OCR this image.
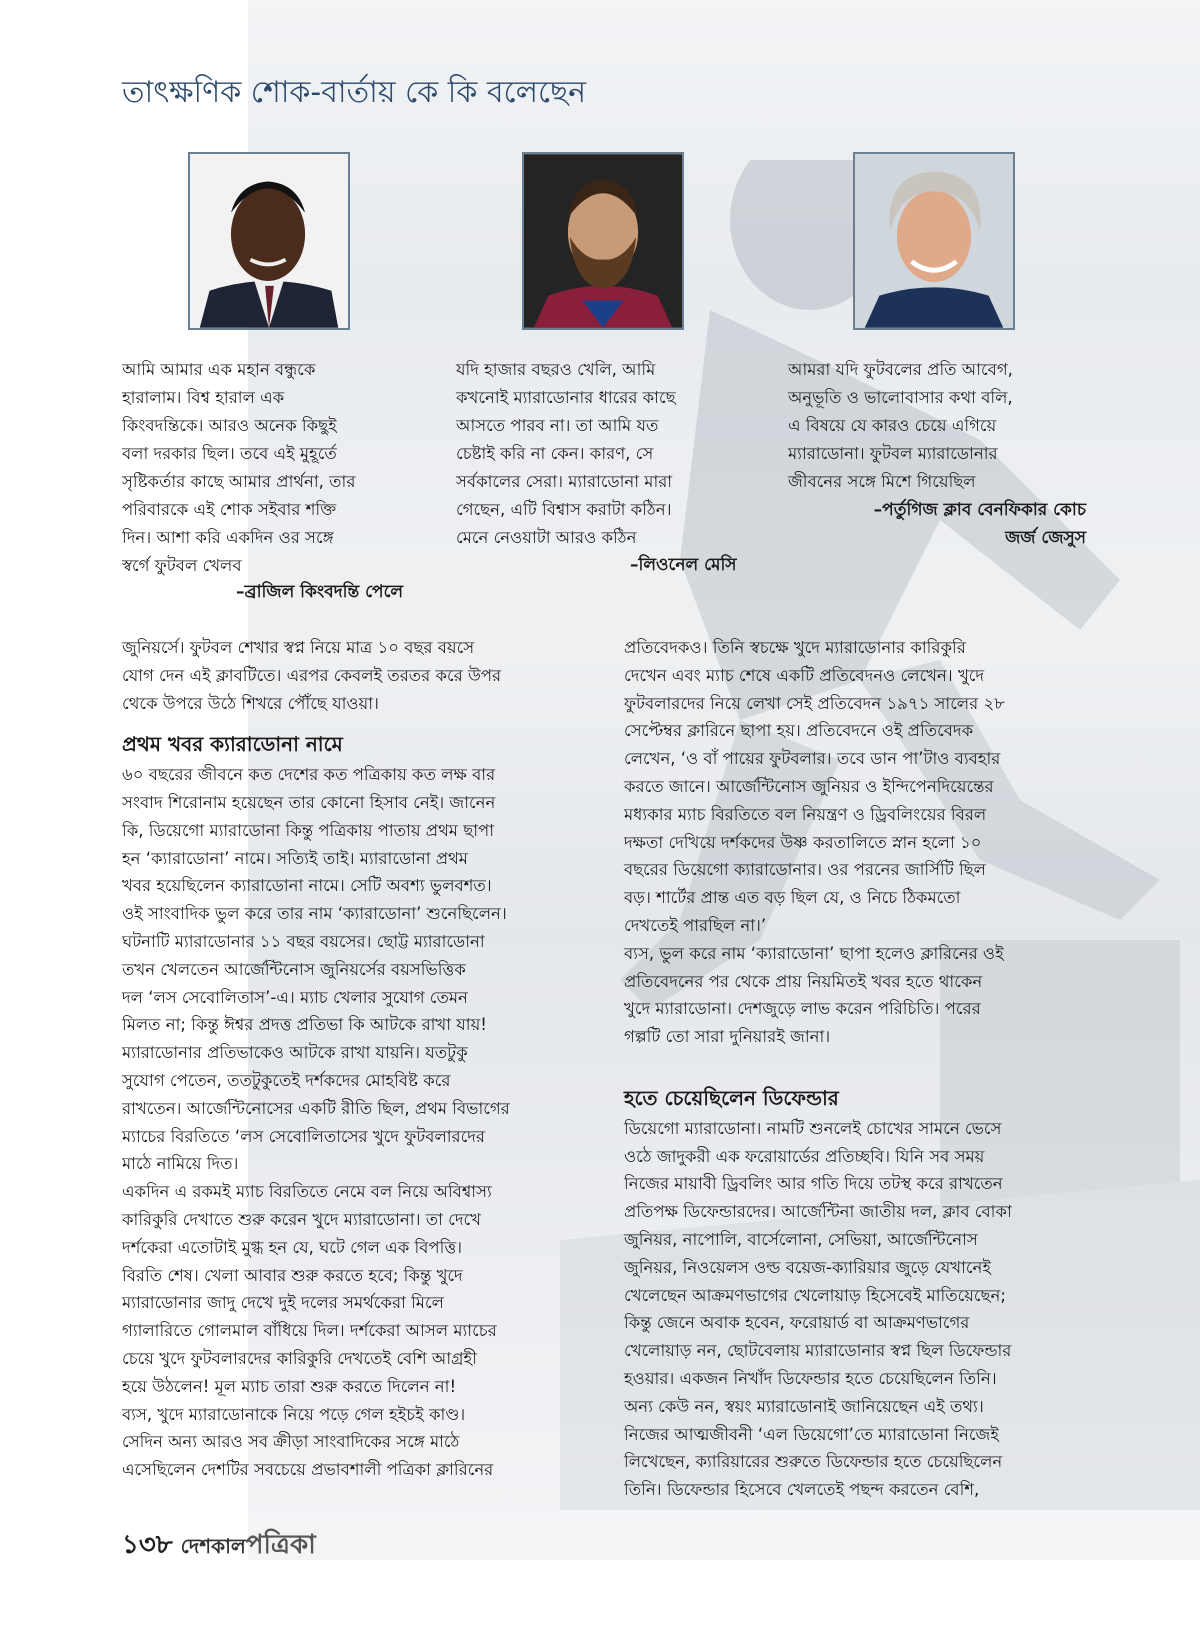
তাৎক্ষণিক শোক-বার্তায় কে কি বলেছেন

আমি আমার এক মহান বন্ধুকে
হারালাম। বিশ্ব হারাল এক
কিংবদন্তিকে। আরও অনেক কিছুই
বলা দরকার ছিল। তবে এই মুহূর্তে
সৃষ্টিকর্তার কাছে আমার প্রার্থনা, তার
পরিবারকে এই শোক সইবার শক্তি
দিন। আশা করি একদিন ওর সঙ্গে
স্বর্গে ফুটবল খেলব

–ব্রাজিল কিংবদন্তি পেলে

যদি হাজার বছরও খেলি, আমি
কখনোই ম্যারাডোনার ধারের কাছে
আসতে পারব না। তা আমি যত
চেষ্টাই করি না কেন। কারণ, সে
সর্বকালের সেরা। ম্যারাডোনা মারা
গেছেন, এটি বিশ্বাস করাটা কঠিন।
মেনে নেওয়াটা আরও কঠিন

–লিওনেল মেসি

আমরা যদি ফুটবলের প্রতি আবেগ,
অনুভূতি ও ভালোবাসার কথা বলি,
এ বিষয়ে যে কারও চেয়ে এগিয়ে
ম্যারাডোনা। ফুটবল ম্যারাডোনার
জীবনের সঙ্গে মিশে গিয়েছিল

–পর্তুগিজ ক্লাব বেনফিকার কোচ
জর্জ জেসুস

জুনিয়র্সে। ফুটবল শেখার স্বপ্ন নিয়ে মাত্র ১০ বছর বয়সে
যোগ দেন এই ক্লাবটিতে। এরপর কেবলই তরতর করে উপর
থেকে উপরে উঠে শিখরে পৌঁছে যাওয়া।

প্রথম খবর ক্যারাডোনা নামে

৬০ বছরের জীবনে কত দেশের কত পত্রিকায় কত লক্ষ বার
সংবাদ শিরোনাম হয়েছেন তার কোনো হিসাব নেই। জানেন
কি, ডিয়েগো ম্যারাডোনা কিন্তু পত্রিকায় পাতায় প্রথম ছাপা
হন ‘ক্যারাডোনা’ নামে। সত্যিই তাই। ম্যারাডোনা প্রথম
খবর হয়েছিলেন ক্যারাডোনা নামে। সেটি অবশ্য ভুলবশত।
ওই সাংবাদিক ভুল করে তার নাম ‘ক্যারাডোনা’ শুনেছিলেন।
ঘটনাটি ম্যারাডোনার ১১ বছর বয়সের। ছোট্ট ম্যারাডোনা
তখন খেলতেন আর্জেন্টিনোস জুনিয়র্সের বয়সভিত্তিক
দল ‘লস সেবোলিতাস’-এ। ম্যাচ খেলার সুযোগ তেমন
মিলত না; কিন্তু ঈশ্বর প্রদত্ত প্রতিভা কি আটকে রাখা যায়!
ম্যারাডোনার প্রতিভাকেও আটকে রাখা যায়নি। যতটুকু
সুযোগ পেতেন, ততটুকুতেই দর্শকদের মোহবিষ্ট করে
রাখতেন। আর্জেন্টিনোসের একটি রীতি ছিল, প্রথম বিভাগের
ম্যাচের বিরতিতে ‘লস সেবোলিতাসের খুদে ফুটবলারদের
মাঠে নামিয়ে দিত।

একদিন এ রকমই ম্যাচ বিরতিতে নেমে বল নিয়ে অবিশ্বাস্য
কারিকুরি দেখাতে শুরু করেন খুদে ম্যারাডোনা। তা দেখে
দর্শকেরা এতোটাই মুগ্ধ হন যে, ঘটে গেল এক বিপত্তি।
বিরতি শেষ। খেলা আবার শুরু করতে হবে; কিন্তু খুদে
ম্যারাডোনার জাদু দেখে দুই দলের সমর্থকেরা মিলে
গ্যালারিতে গোলমাল বাঁধিয়ে দিল। দর্শকেরা আসল ম্যাচের
চেয়ে খুদে ফুটবলারদের কারিকুরি দেখতেই বেশি আগ্রহী
হয়ে উঠলেন! মূল ম্যাচ তারা শুরু করতে দিলেন না!
ব্যস, খুদে ম্যারাডোনাকে নিয়ে পড়ে গেল হইচই কাণ্ড।
সেদিন অন্য আরও সব ক্রীড়া সাংবাদিকের সঙ্গে মাঠে
এসেছিলেন দেশটির সবচেয়ে প্রভাবশালী পত্রিকা ক্লারিনের

প্রতিবেদকও। তিনি স্বচক্ষে খুদে ম্যারাডোনার কারিকুরি
দেখেন এবং ম্যাচ শেষে একটি প্রতিবেদনও লেখেন। খুদে
ফুটবলারদের নিয়ে লেখা সেই প্রতিবেদন ১৯৭১ সালের ২৮
সেপ্টেম্বর ক্লারিনে ছাপা হয়। প্রতিবেদনে ওই প্রতিবেদক
লেখেন, ‘ও বাঁ পায়ের ফুটবলার। তবে ডান পা’টাও ব্যবহার
করতে জানে। আর্জেন্টিনোস জুনিয়র ও ইন্দিপেনদিয়েন্তের
মধ্যকার ম্যাচ বিরতিতে বল নিয়ন্ত্রণ ও ড্রিবলিংয়ের বিরল
দক্ষতা দেখিয়ে দর্শকদের উষ্ণ করতালিতে স্নান হলো ১০
বছরের ডিয়েগো ক্যারাডোনার। ওর পরনের জার্সিটি ছিল
বড়। শার্টের প্রান্ত এত বড় ছিল যে, ও নিচে ঠিকমতো
দেখতেই পারছিল না।’

ব্যস, ভুল করে নাম ‘ক্যারাডোনা’ ছাপা হলেও ক্লারিনের ওই
প্রতিবেদনের পর থেকে প্রায় নিয়মিতই খবর হতে থাকেন
খুদে ম্যারাডোনা। দেশজুড়ে লাভ করেন পরিচিতি। পরের
গল্পটি তো সারা দুনিয়ারই জানা।

হতে চেয়েছিলেন ডিফেন্ডার

ডিয়েগো ম্যারাডোনা। নামটি শুনলেই চোখের সামনে ভেসে
ওঠে জাদুকরী এক ফরোয়ার্ডের প্রতিচ্ছবি। যিনি সব সময়
নিজের মায়াবী ড্রিবলিং আর গতি দিয়ে তটস্থ করে রাখতেন
প্রতিপক্ষ ডিফেন্ডারদের। আর্জেন্টিনা জাতীয় দল, ক্লাব বোকা
জুনিয়র, নাপোলি, বার্সেলোনা, সেভিয়া, আর্জেন্টিনোস
জুনিয়র, নিওয়েলস ওল্ড বয়েজ-ক্যারিয়ার জুড়ে যেখানেই
খেলেছেন আক্রমণভাগের খেলোয়াড় হিসেবেই মাতিয়েছেন;
কিন্তু জেনে অবাক হবেন, ফরোয়ার্ড বা আক্রমণভাগের
খেলোয়াড় নন, ছোটবেলায় ম্যারাডোনার স্বপ্ন ছিল ডিফেন্ডার
হওয়ার। একজন নিখাঁদ ডিফেন্ডার হতে চেয়েছিলেন তিনি।
অন্য কেউ নন, স্বয়ং ম্যারাডোনাই জানিয়েছেন এই তথ্য।
নিজের আত্মজীবনী ‘এল ডিয়েগো’তে ম্যারাডোনা নিজেই
লিখেছেন, ক্যারিয়ারের শুরুতে ডিফেন্ডার হতে চেয়েছিলেন
তিনি। ডিফেন্ডার হিসেবে খেলতেই পছন্দ করতেন বেশি,

১৩৮ দেশকালপত্রিকা
